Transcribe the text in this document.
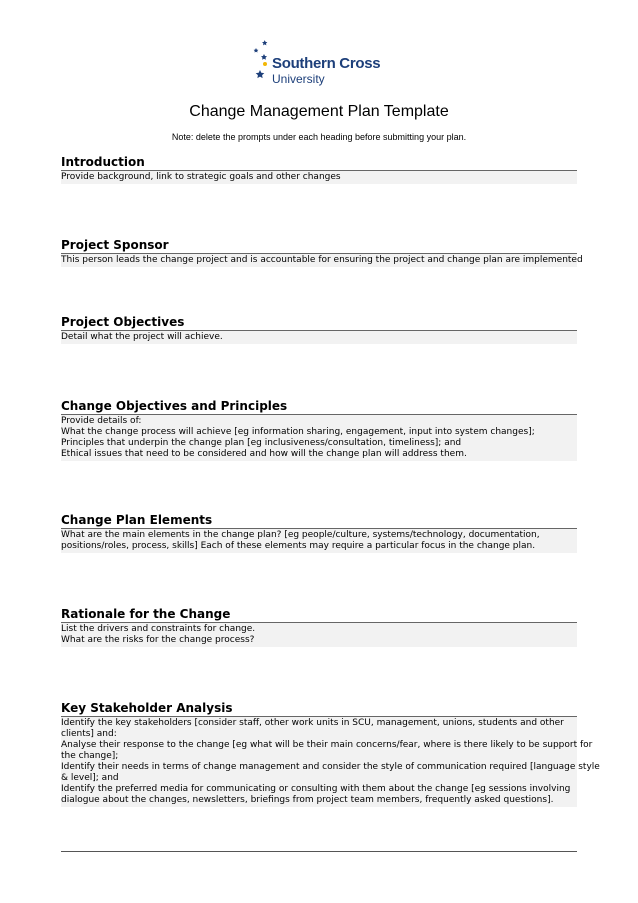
Southern Cross
University
Change Management Plan Template
Note: delete the prompts under each heading before submitting your plan.
Introduction
Provide background, link to strategic goals and other changes
Project Sponsor
This person leads the change project and is accountable for ensuring the project and change plan are implemented
Project Objectives
Detail what the project will achieve.
Change Objectives and Principles
Provide details of:
What the change process will achieve [eg information sharing, engagement, input into system changes];
Principles that underpin the change plan [eg inclusiveness/consultation, timeliness]; and
Ethical issues that need to be considered and how will the change plan will address them.
Change Plan Elements
What are the main elements in the change plan? [eg people/culture, systems/technology, documentation,
positions/roles, process, skills] Each of these elements may require a particular focus in the change plan.
Rationale for the Change
List the drivers and constraints for change.
What are the risks for the change process?
Key Stakeholder Analysis
Identify the key stakeholders [consider staff, other work units in SCU, management, unions, students and other
clients] and:
Analyse their response to the change [eg what will be their main concerns/fear, where is there likely to be support for
the change];
Identify their needs in terms of change management and consider the style of communication required [language style
& level]; and
Identify the preferred media for communicating or consulting with them about the change [eg sessions involving
dialogue about the changes, newsletters, briefings from project team members, frequently asked questions].
